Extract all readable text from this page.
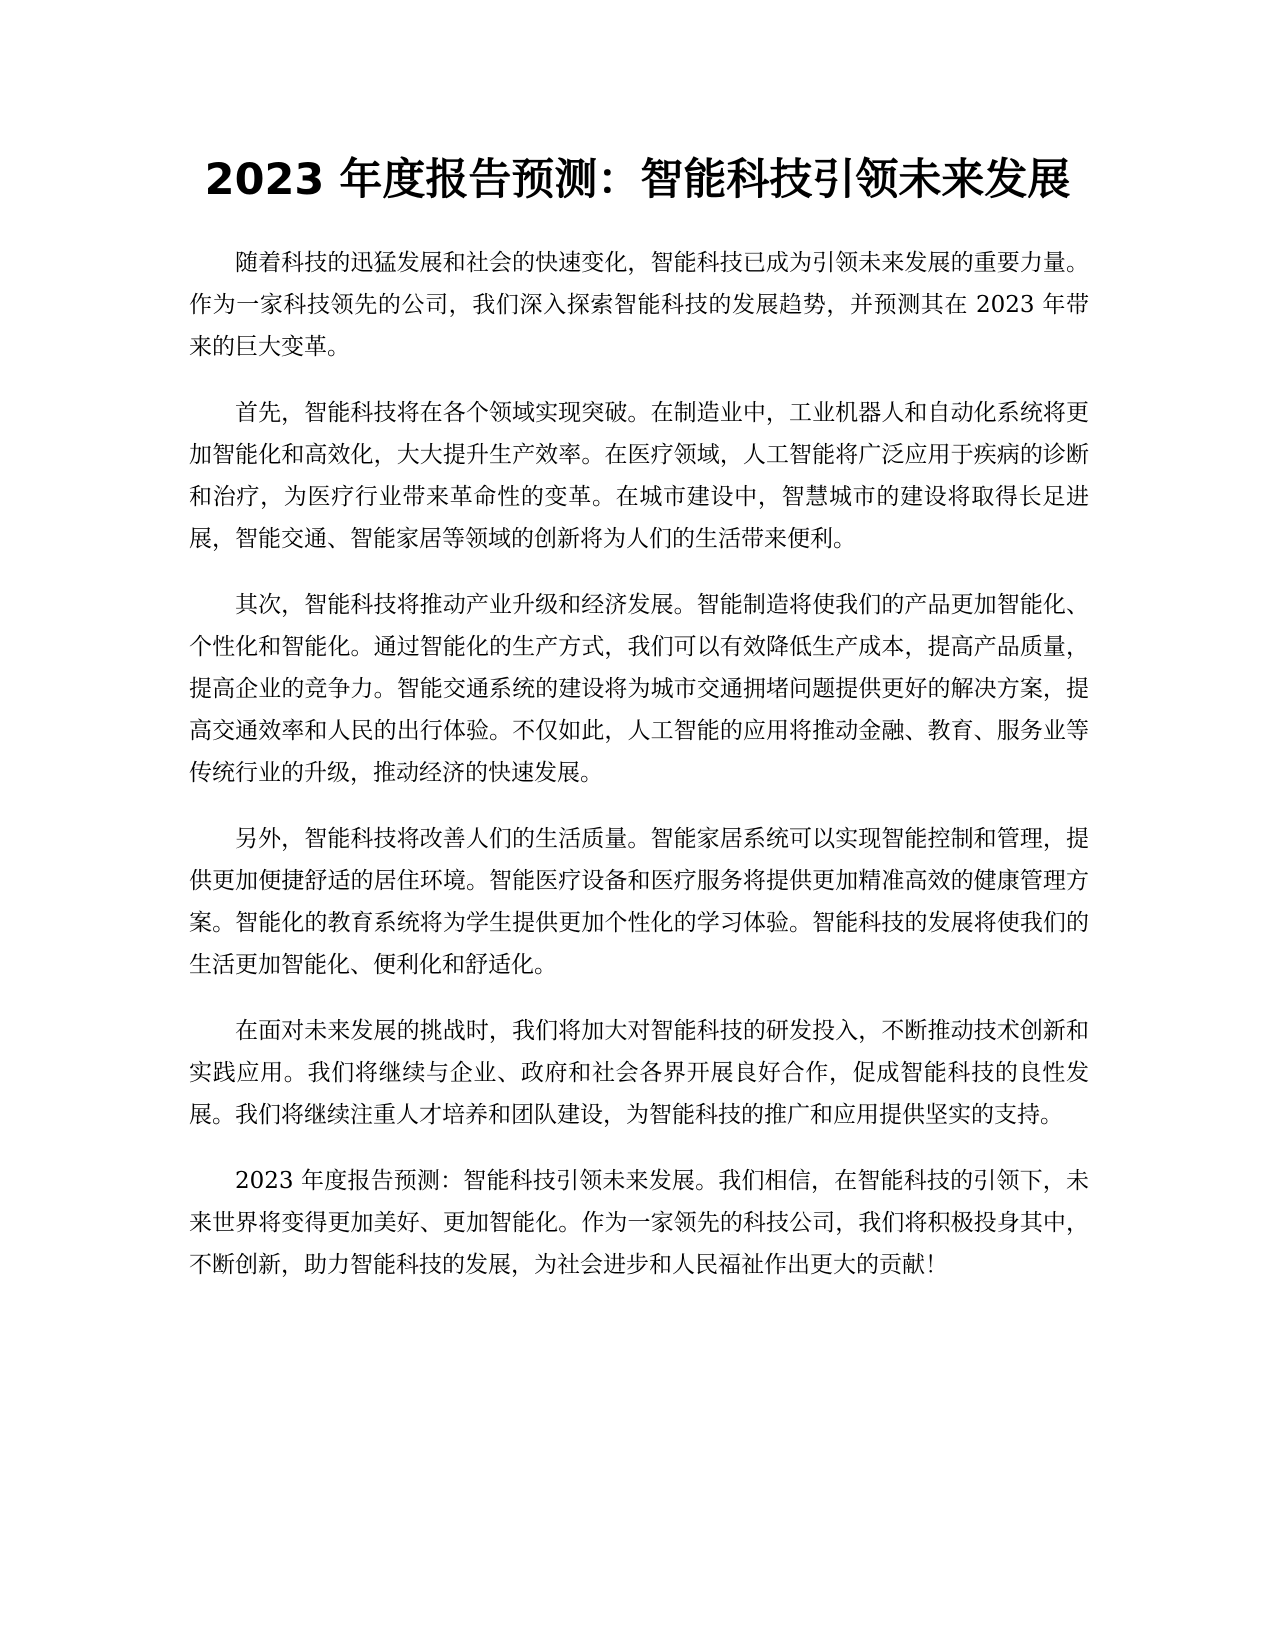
2023 年度报告预测：智能科技引领未来发展

随着科技的迅猛发展和社会的快速变化，智能科技已成为引领未来发展的重要力量。作为一家科技领先的公司，我们深入探索智能科技的发展趋势，并预测其在 2023 年带来的巨大变革。

首先，智能科技将在各个领域实现突破。在制造业中，工业机器人和自动化系统将更加智能化和高效化，大大提升生产效率。在医疗领域，人工智能将广泛应用于疾病的诊断和治疗，为医疗行业带来革命性的变革。在城市建设中，智慧城市的建设将取得长足进展，智能交通、智能家居等领域的创新将为人们的生活带来便利。

其次，智能科技将推动产业升级和经济发展。智能制造将使我们的产品更加智能化、个性化和智能化。通过智能化的生产方式，我们可以有效降低生产成本，提高产品质量，提高企业的竞争力。智能交通系统的建设将为城市交通拥堵问题提供更好的解决方案，提高交通效率和人民的出行体验。不仅如此，人工智能的应用将推动金融、教育、服务业等传统行业的升级，推动经济的快速发展。

另外，智能科技将改善人们的生活质量。智能家居系统可以实现智能控制和管理，提供更加便捷舒适的居住环境。智能医疗设备和医疗服务将提供更加精准高效的健康管理方案。智能化的教育系统将为学生提供更加个性化的学习体验。智能科技的发展将使我们的生活更加智能化、便利化和舒适化。

在面对未来发展的挑战时，我们将加大对智能科技的研发投入，不断推动技术创新和实践应用。我们将继续与企业、政府和社会各界开展良好合作，促成智能科技的良性发展。我们将继续注重人才培养和团队建设，为智能科技的推广和应用提供坚实的支持。

2023 年度报告预测：智能科技引领未来发展。我们相信，在智能科技的引领下，未来世界将变得更加美好、更加智能化。作为一家领先的科技公司，我们将积极投身其中，不断创新，助力智能科技的发展，为社会进步和人民福祉作出更大的贡献！
